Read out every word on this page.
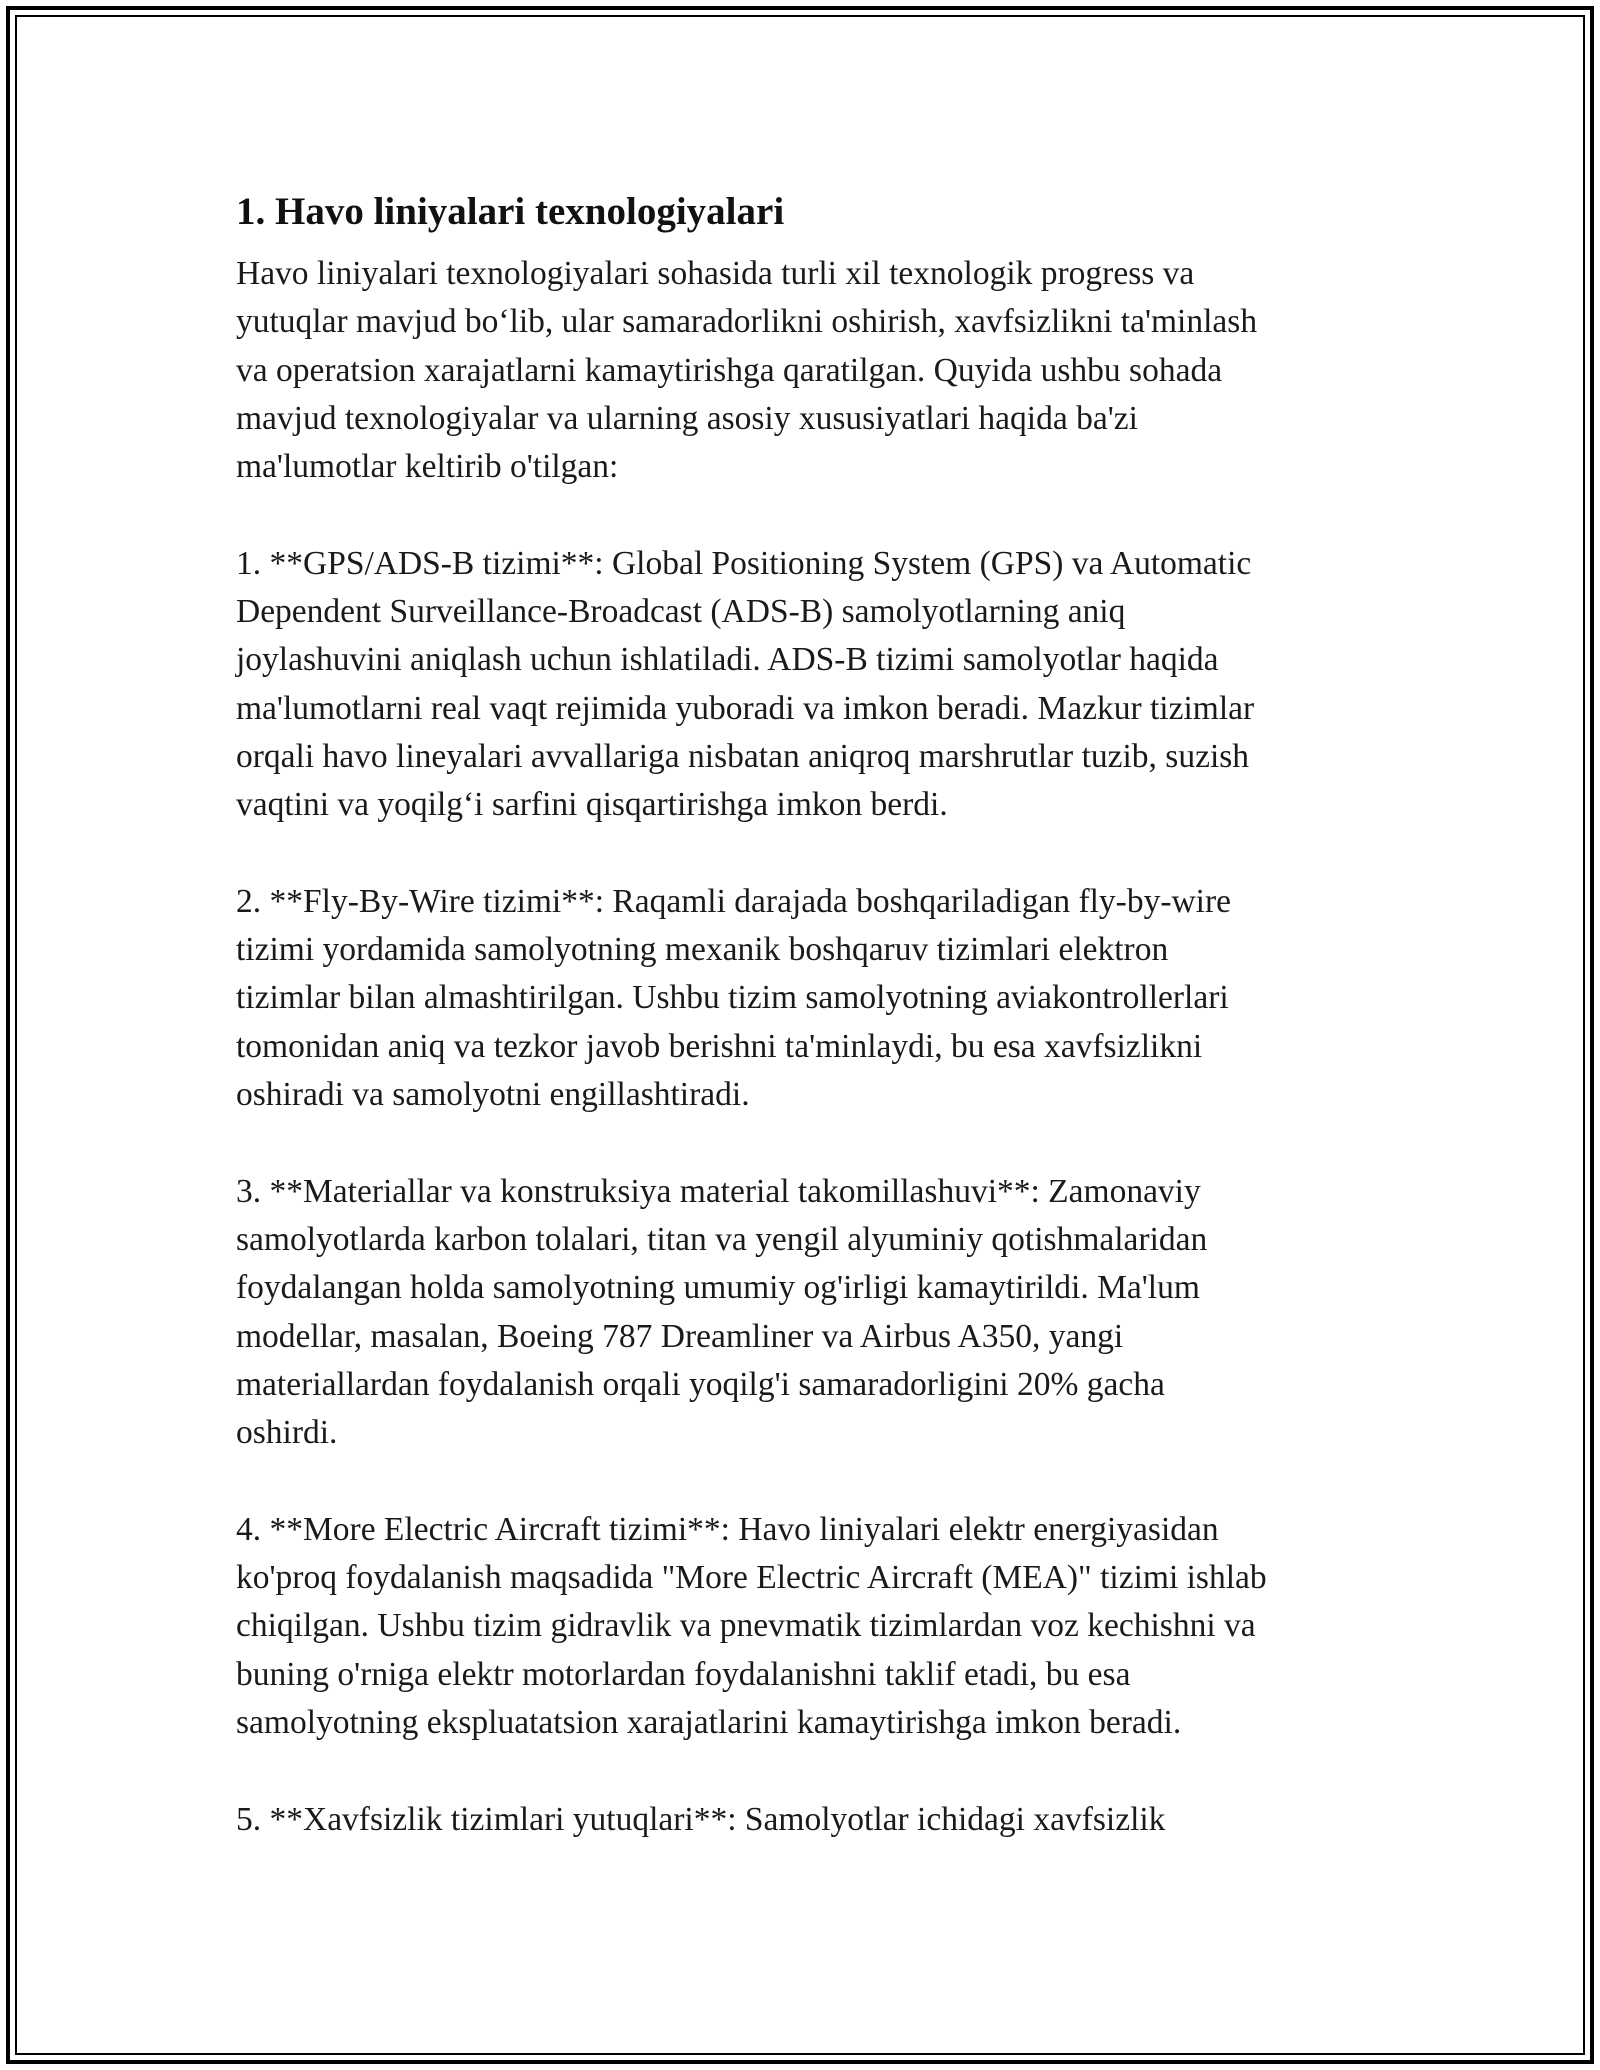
1. Havo liniyalari texnologiyalari

Havo liniyalari texnologiyalari sohasida turli xil texnologik progress va
yutuqlar mavjud bo‘lib, ular samaradorlikni oshirish, xavfsizlikni ta'minlash
va operatsion xarajatlarni kamaytirishga qaratilgan. Quyida ushbu sohada
mavjud texnologiyalar va ularning asosiy xususiyatlari haqida ba'zi
ma'lumotlar keltirib o'tilgan:

1. **GPS/ADS-B tizimi**: Global Positioning System (GPS) va Automatic
Dependent Surveillance-Broadcast (ADS-B) samolyotlarning aniq
joylashuvini aniqlash uchun ishlatiladi. ADS-B tizimi samolyotlar haqida
ma'lumotlarni real vaqt rejimida yuboradi va imkon beradi. Mazkur tizimlar
orqali havo lineyalari avvallariga nisbatan aniqroq marshrutlar tuzib, suzish
vaqtini va yoqilg‘i sarfini qisqartirishga imkon berdi.

2. **Fly-By-Wire tizimi**: Raqamli darajada boshqariladigan fly-by-wire
tizimi yordamida samolyotning mexanik boshqaruv tizimlari elektron
tizimlar bilan almashtirilgan. Ushbu tizim samolyotning aviakontrollerlari
tomonidan aniq va tezkor javob berishni ta'minlaydi, bu esa xavfsizlikni
oshiradi va samolyotni engillashtiradi.

3. **Materiallar va konstruksiya material takomillashuvi**: Zamonaviy
samolyotlarda karbon tolalari, titan va yengil alyuminiy qotishmalaridan
foydalangan holda samolyotning umumiy og'irligi kamaytirildi. Ma'lum
modellar, masalan, Boeing 787 Dreamliner va Airbus A350, yangi
materiallardan foydalanish orqali yoqilg'i samaradorligini 20% gacha
oshirdi.

4. **More Electric Aircraft tizimi**: Havo liniyalari elektr energiyasidan
ko'proq foydalanish maqsadida "More Electric Aircraft (MEA)" tizimi ishlab
chiqilgan. Ushbu tizim gidravlik va pnevmatik tizimlardan voz kechishni va
buning o'rniga elektr motorlardan foydalanishni taklif etadi, bu esa
samolyotning ekspluatatsion xarajatlarini kamaytirishga imkon beradi.

5. **Xavfsizlik tizimlari yutuqlari**: Samolyotlar ichidagi xavfsizlik
